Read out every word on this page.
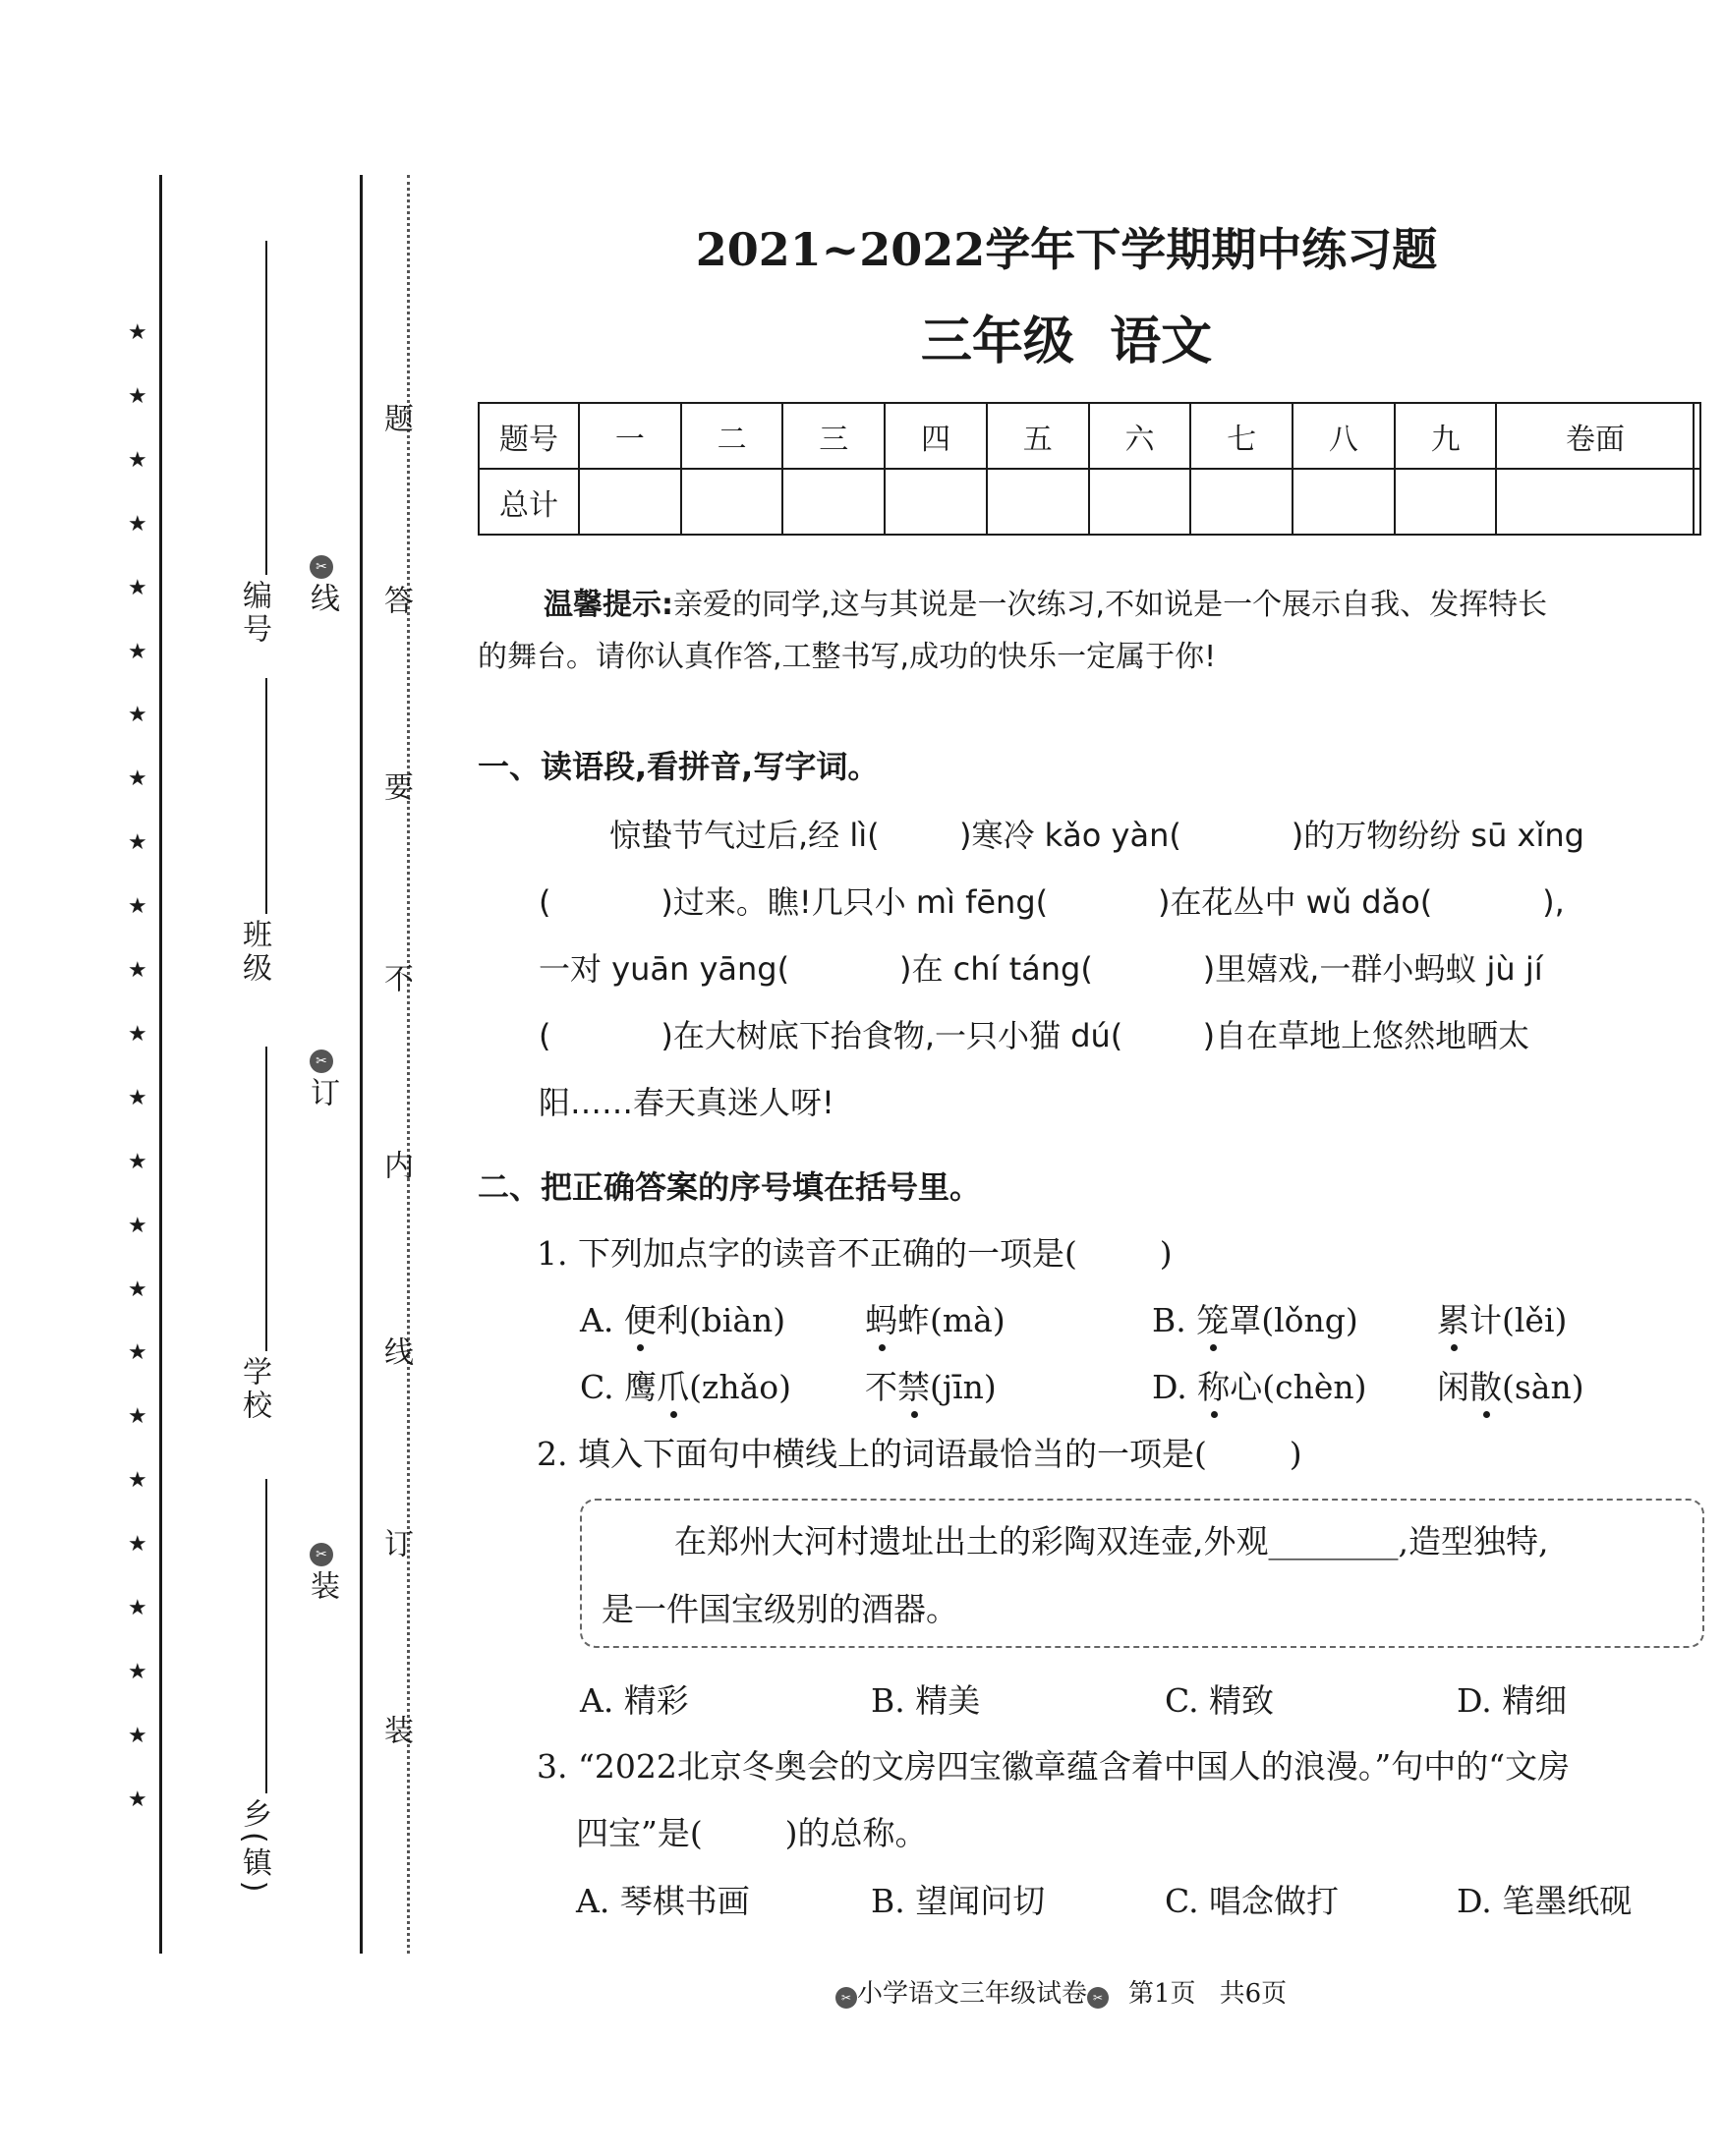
★
★
★
★
★
★
★
★
★
★
★
★
★
★
★
★
★
★
★
★
★
★
★
★
编号
班级
学校
乡(镇)
✂线
✂订
✂装
题
答
要
不
内
线
订
装
2021~2022学年下学期期中练习题
三年级  语文
题号	一	二	三	四	五	六	七	八	九	卷面	
总计											
温馨提示:亲爱的同学,这与其说是一次练习,不如说是一个展示自我、发挥特长
的舞台。请你认真作答,工整书写,成功的快乐一定属于你!
一、读语段,看拼音,写字词。
惊蛰节气过后,经 lì(        )寒冷 kǎo yàn(           )的万物纷纷 sū xǐng
(           )过来。瞧!几只小 mì fēng(           )在花丛中 wǔ dǎo(           ),
一对 yuān yāng(           )在 chí táng(           )里嬉戏,一群小蚂蚁 jù jí
(           )在大树底下抬食物,一只小猫 dú(        )自在草地上悠然地晒太
阳……春天真迷人呀!
二、把正确答案的序号填在括号里。
1. 下列加点字的读音不正确的一项是(        )
A. 便利(biàn) 蚂蚱(mà)	B. 笼罩(lǒng) 累计(lěi)
C. 鹰爪(zhǎo) 不禁(jīn)	D. 称心(chèn) 闲散(sàn)
2. 填入下面句中横线上的词语最恰当的一项是(        )
在郑州大河村遗址出土的彩陶双连壶,外观________,造型独特,
是一件国宝级别的酒器。
A. 精彩	B. 精美	C. 精致	D. 精细
3. “2022北京冬奥会的文房四宝徽章蕴含着中国人的浪漫。”句中的“文房
四宝”是(        )的总称。
A. 琴棋书画	B. 望闻问切	C. 唱念做打	D. 笔墨纸砚
✂ 小学语文三年级试卷 ✂ 第1页 共6页
